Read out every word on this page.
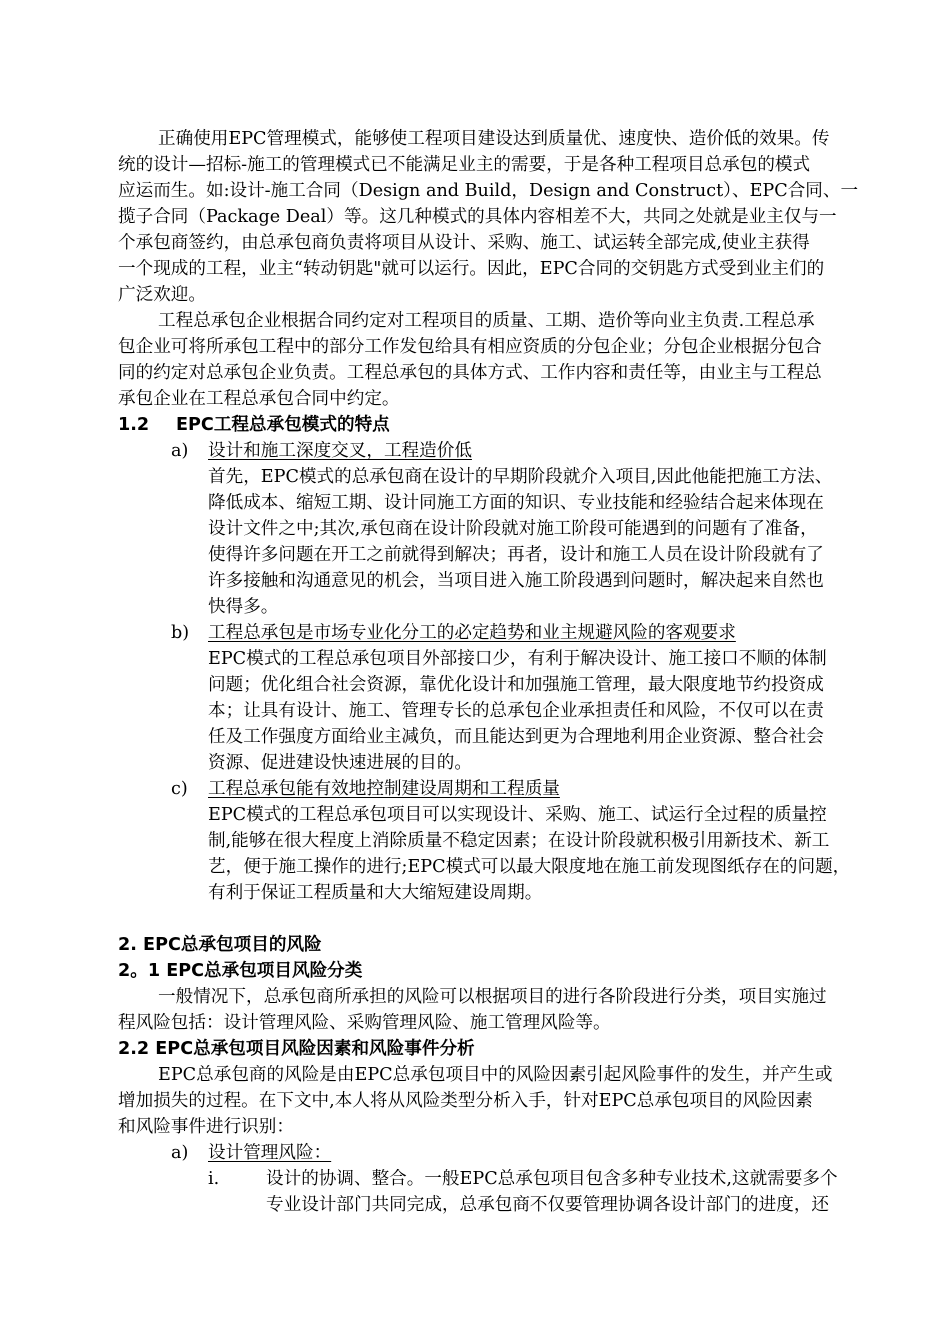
正确使用EPC管理模式，能够使工程项目建设达到质量优、速度快、造价低的效果。传
统的设计—招标-施工的管理模式已不能满足业主的需要，于是各种工程项目总承包的模式
应运而生。如:设计-施工合同（Design and Build，Design and Construct）、EPC合同、一
揽子合同（Package Deal）等。这几种模式的具体内容相差不大，共同之处就是业主仅与一
个承包商签约，由总承包商负责将项目从设计、采购、施工、试运转全部完成,使业主获得
一个现成的工程，业主“转动钥匙"就可以运行。因此，EPC合同的交钥匙方式受到业主们的
广泛欢迎。
工程总承包企业根据合同约定对工程项目的质量、工期、造价等向业主负责.工程总承
包企业可将所承包工程中的部分工作发包给具有相应资质的分包企业；分包企业根据分包合
同的约定对总承包企业负责。工程总承包的具体方式、工作内容和责任等，由业主与工程总
承包企业在工程总承包合同中约定。
1.2 EPC工程总承包模式的特点
a) 设计和施工深度交叉，工程造价低
首先，EPC模式的总承包商在设计的早期阶段就介入项目,因此他能把施工方法、
降低成本、缩短工期、设计同施工方面的知识、专业技能和经验结合起来体现在
设计文件之中;其次,承包商在设计阶段就对施工阶段可能遇到的问题有了准备，
使得许多问题在开工之前就得到解决；再者，设计和施工人员在设计阶段就有了
许多接触和沟通意见的机会，当项目进入施工阶段遇到问题时，解决起来自然也
快得多。
b) 工程总承包是市场专业化分工的必定趋势和业主规避风险的客观要求
EPC模式的工程总承包项目外部接口少，有利于解决设计、施工接口不顺的体制
问题；优化组合社会资源，靠优化设计和加强施工管理，最大限度地节约投资成
本；让具有设计、施工、管理专长的总承包企业承担责任和风险，不仅可以在责
任及工作强度方面给业主减负，而且能达到更为合理地利用企业资源、整合社会
资源、促进建设快速进展的目的。
c) 工程总承包能有效地控制建设周期和工程质量
EPC模式的工程总承包项目可以实现设计、采购、施工、试运行全过程的质量控
制,能够在很大程度上消除质量不稳定因素；在设计阶段就积极引用新技术、新工
艺，便于施工操作的进行;EPC模式可以最大限度地在施工前发现图纸存在的问题，
有利于保证工程质量和大大缩短建设周期。
2. EPC总承包项目的风险
2。1 EPC总承包项目风险分类
一般情况下，总承包商所承担的风险可以根据项目的进行各阶段进行分类，项目实施过
程风险包括：设计管理风险、采购管理风险、施工管理风险等。
2.2 EPC总承包项目风险因素和风险事件分析
EPC总承包商的风险是由EPC总承包项目中的风险因素引起风险事件的发生，并产生或
增加损失的过程。在下文中,本人将从风险类型分析入手，针对EPC总承包项目的风险因素
和风险事件进行识别：
a) 设计管理风险：
i.	设计的协调、整合。一般EPC总承包项目包含多种专业技术,这就需要多个
专业设计部门共同完成，总承包商不仅要管理协调各设计部门的进度，还
